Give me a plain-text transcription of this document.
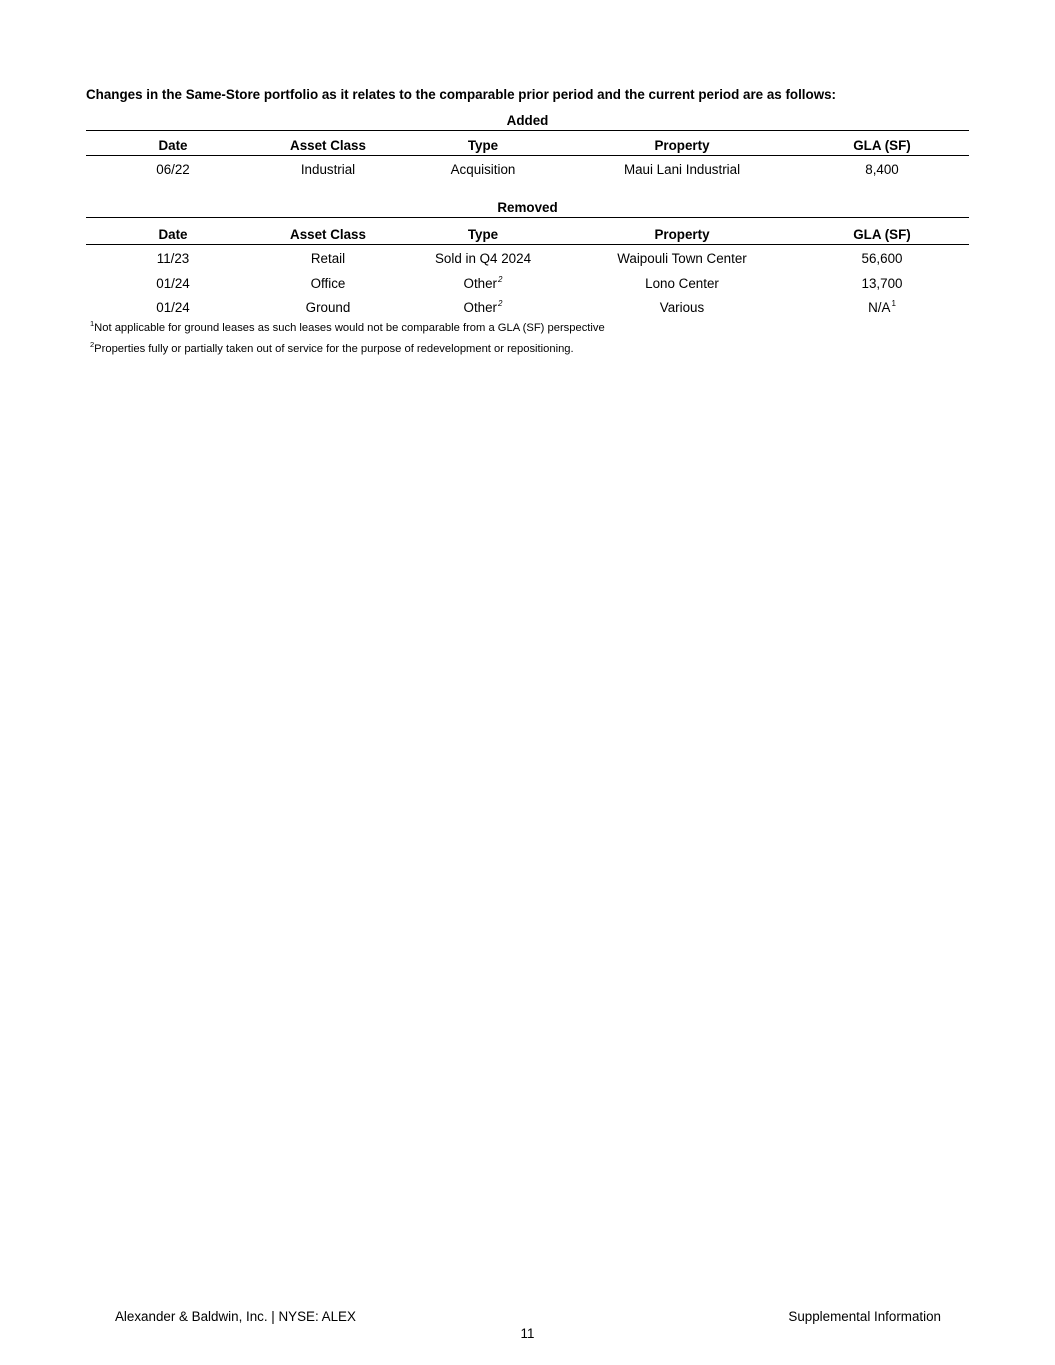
Changes in the Same-Store portfolio as it relates to the comparable prior period and the current period are as follows:
Added
Date	Asset Class	Type	Property	GLA (SF)
06/22	Industrial	Acquisition	Maui Lani Industrial	8,400
Removed
Date	Asset Class	Type	Property	GLA (SF)
11/23	Retail	Sold in Q4 2024	Waipouli Town Center	56,600
01/24	Office	Other$^2$	Lono Center	13,700
01/24	Ground	Other$^2$	Various	$N/A^1$
$^1$Not applicable for ground leases as such leases would not be comparable from a GLA (SF) perspective
$^2$Properties fully or partially taken out of service for the purpose of redevelopment or repositioning.
Alexander & Baldwin, Inc. | NYSE: ALEX	Supplemental Information
11
